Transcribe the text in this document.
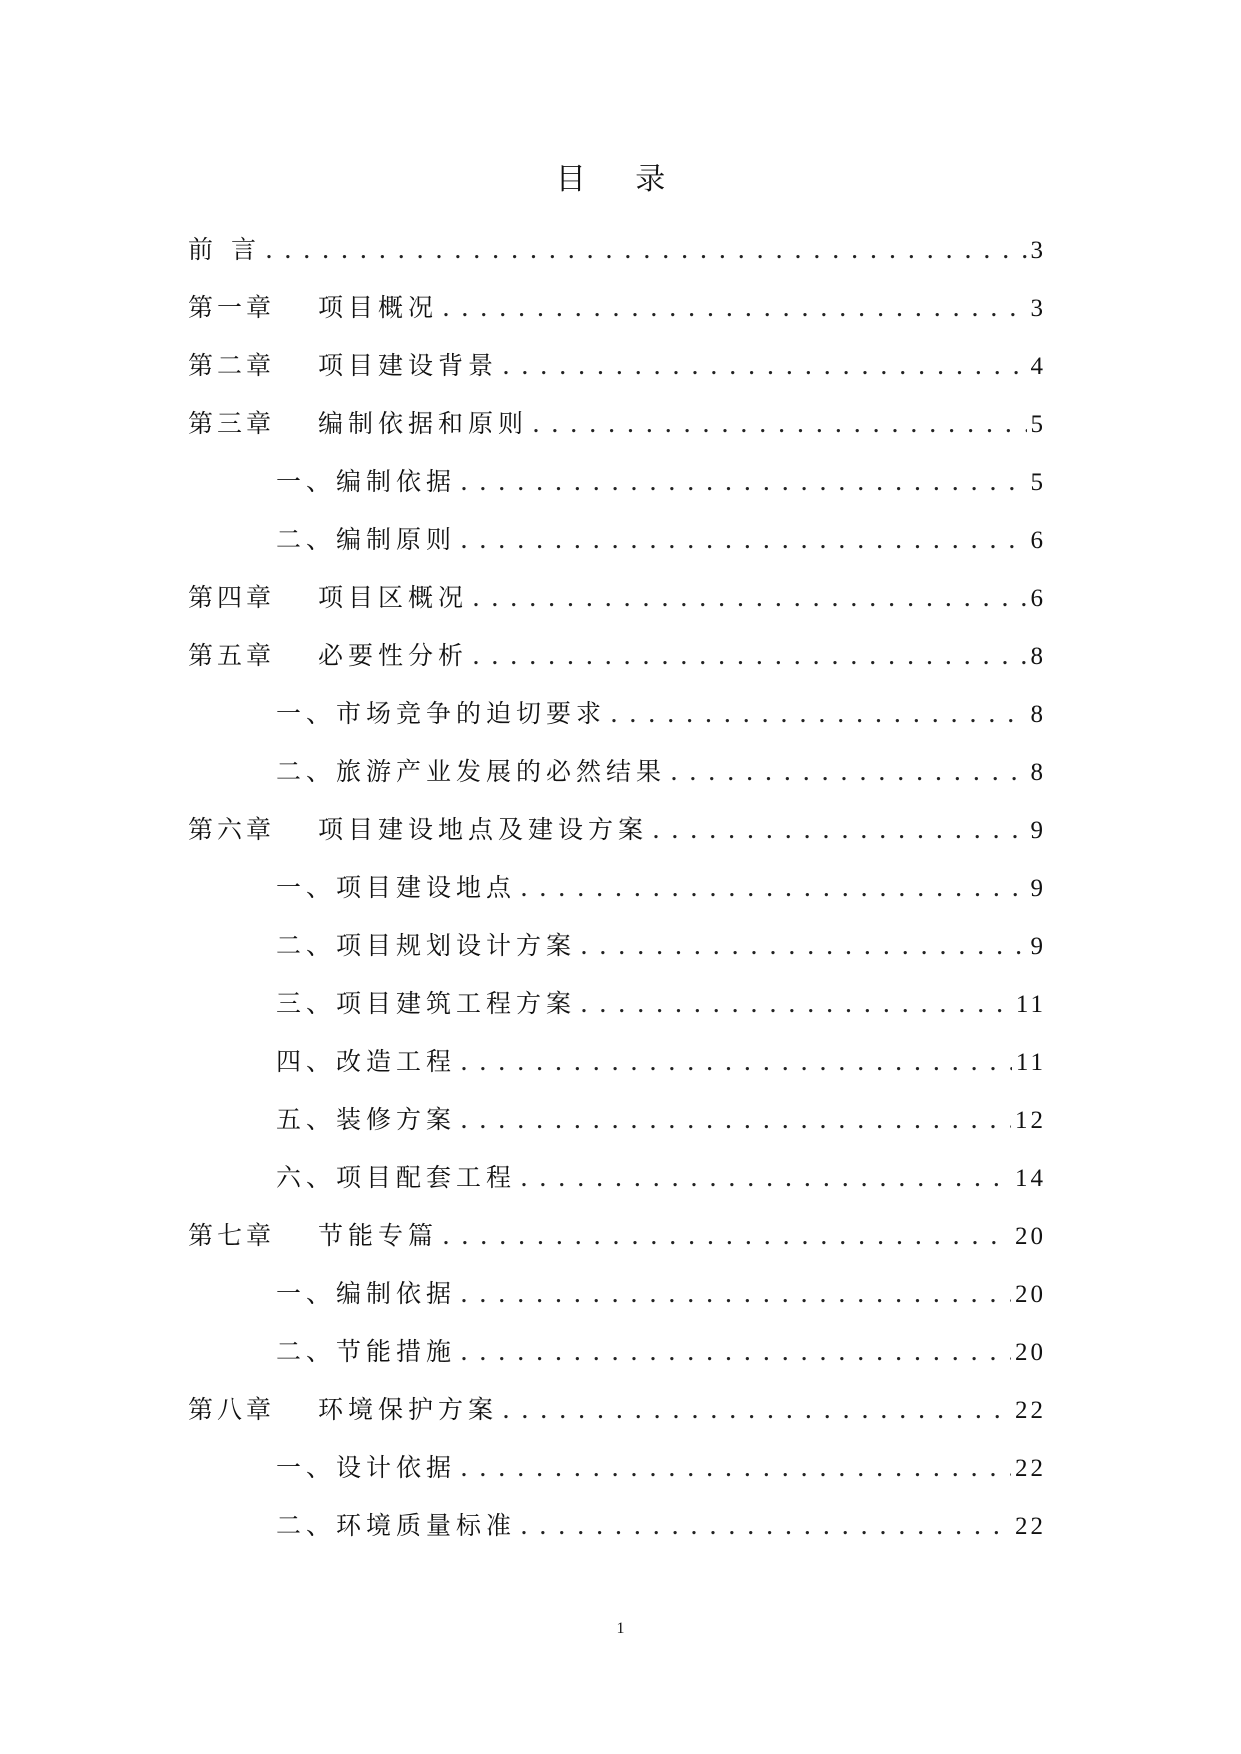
目 录
前 言 . . .	3
第一章	项目概况 . . .	3
第二章	项目建设背景 . . .	4
第三章	编制依据和原则 . . .	5
一、编制依据 . . .	5
二、编制原则 . . .	6
第四章	项目区概况 . . .	6
第五章	必要性分析 . . .	8
一、市场竞争的迫切要求 . . .	8
二、旅游产业发展的必然结果 . . .	8
第六章	项目建设地点及建设方案 . . .	9
一、项目建设地点 . . .	9
二、项目规划设计方案 . . .	9
三、项目建筑工程方案 . . .	11
四、改造工程 . . .	11
五、装修方案 . . .	12
六、项目配套工程 . . .	14
第七章	节能专篇 . . .	20
一、编制依据 . . .	20
二、节能措施 . . .	20
第八章	环境保护方案 . . .	22
一、设计依据 . . .	22
二、环境质量标准 . . .	22
1
